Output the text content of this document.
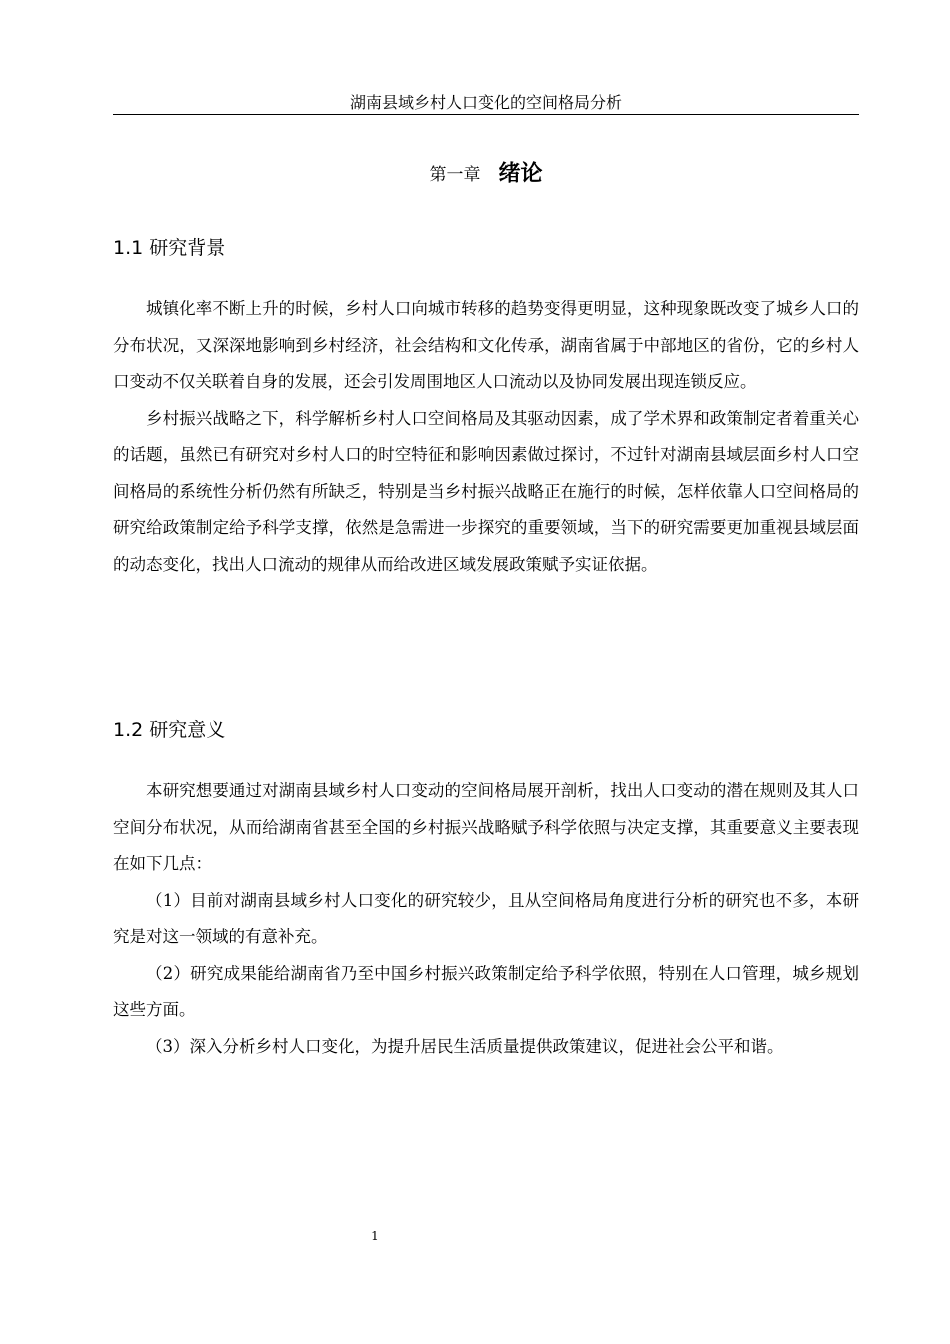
湖南县域乡村人口变化的空间格局分析
第一章 绪论
1.1 研究背景

城镇化率不断上升的时候，乡村人口向城市转移的趋势变得更明显，这种现象既改变了城乡人口的分布状况，又深深地影响到乡村经济，社会结构和文化传承，湖南省属于中部地区的省份，它的乡村人口变动不仅关联着自身的发展，还会引发周围地区人口流动以及协同发展出现连锁反应。

乡村振兴战略之下，科学解析乡村人口空间格局及其驱动因素，成了学术界和政策制定者着重关心的话题，虽然已有研究对乡村人口的时空特征和影响因素做过探讨，不过针对湖南县域层面乡村人口空间格局的系统性分析仍然有所缺乏，特别是当乡村振兴战略正在施行的时候，怎样依靠人口空间格局的研究给政策制定给予科学支撑，依然是急需进一步探究的重要领域，当下的研究需要更加重视县域层面的动态变化，找出人口流动的规律从而给改进区域发展政策赋予实证依据。

1.2 研究意义

本研究想要通过对湖南县域乡村人口变动的空间格局展开剖析，找出人口变动的潜在规则及其人口空间分布状况，从而给湖南省甚至全国的乡村振兴战略赋予科学依照与决定支撑，其重要意义主要表现在如下几点：

（1）目前对湖南县域乡村人口变化的研究较少，且从空间格局角度进行分析的研究也不多，本研究是对这一领域的有意补充。

（2）研究成果能给湖南省乃至中国乡村振兴政策制定给予科学依照，特别在人口管理，城乡规划这些方面。

（3）深入分析乡村人口变化，为提升居民生活质量提供政策建议，促进社会公平和谐。

1
